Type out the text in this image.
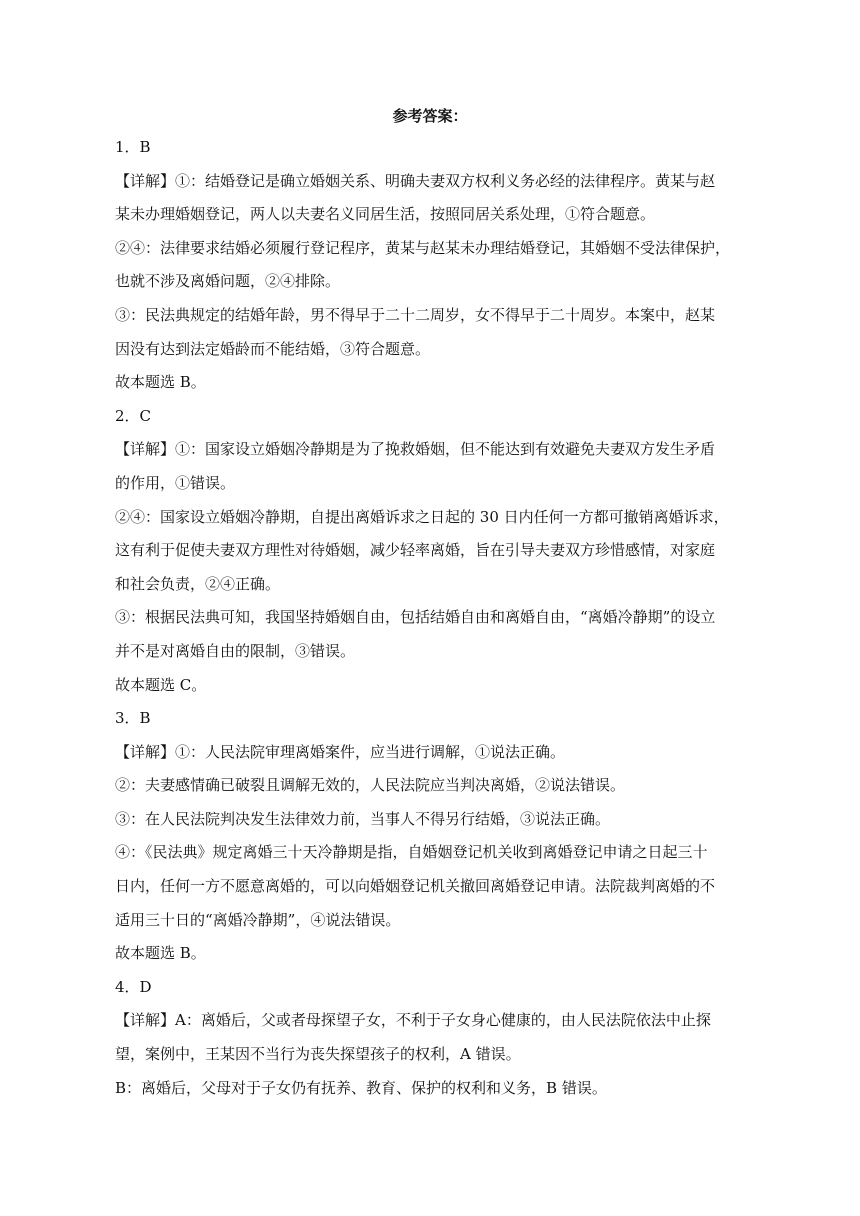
参考答案：

1．B

【详解】①：结婚登记是确立婚姻关系、明确夫妻双方权利义务必经的法律程序。黄某与赵

某未办理婚姻登记，两人以夫妻名义同居生活，按照同居关系处理，①符合题意。

②④：法律要求结婚必须履行登记程序，黄某与赵某未办理结婚登记，其婚姻不受法律保护，

也就不涉及离婚问题，②④排除。

③：民法典规定的结婚年龄，男不得早于二十二周岁，女不得早于二十周岁。本案中，赵某

因没有达到法定婚龄而不能结婚，③符合题意。

故本题选 B。

2．C

【详解】①：国家设立婚姻冷静期是为了挽救婚姻，但不能达到有效避免夫妻双方发生矛盾

的作用，①错误。

②④：国家设立婚姻冷静期，自提出离婚诉求之日起的 30 日内任何一方都可撤销离婚诉求，

这有利于促使夫妻双方理性对待婚姻，减少轻率离婚，旨在引导夫妻双方珍惜感情，对家庭

和社会负责，②④正确。

③：根据民法典可知，我国坚持婚姻自由，包括结婚自由和离婚自由，“离婚冷静期”的设立

并不是对离婚自由的限制，③错误。

故本题选 C。

3．B

【详解】①：人民法院审理离婚案件，应当进行调解，①说法正确。

②：夫妻感情确已破裂且调解无效的，人民法院应当判决离婚，②说法错误。

③：在人民法院判决发生法律效力前，当事人不得另行结婚，③说法正确。

④：《民法典》规定离婚三十天冷静期是指，自婚姻登记机关收到离婚登记申请之日起三十

日内，任何一方不愿意离婚的，可以向婚姻登记机关撤回离婚登记申请。法院裁判离婚的不

适用三十日的“离婚冷静期”，④说法错误。

故本题选 B。

4．D

【详解】A：离婚后，父或者母探望子女，不利于子女身心健康的，由人民法院依法中止探

望，案例中，王某因不当行为丧失探望孩子的权利，A 错误。

B：离婚后，父母对于子女仍有抚养、教育、保护的权利和义务，B 错误。
